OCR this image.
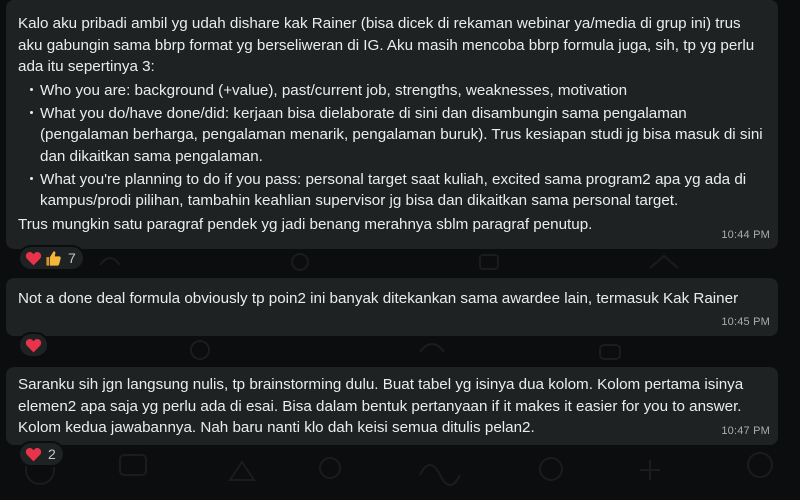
Kalo aku pribadi ambil yg udah dishare kak Rainer (bisa dicek di rekaman webinar ya/media di grup ini) trus aku gabungin sama bbrp format yg berseliweran di IG. Aku masih mencoba bbrp formula juga, sih, tp yg perlu ada itu sepertinya 3:

Who you are: background (+value), past/current job, strengths, weaknesses, motivation
What you do/have done/did: kerjaan bisa dielaborate di sini dan disambungin sama pengalaman (pengalaman berharga, pengalaman menarik, pengalaman buruk). Trus kesiapan studi jg bisa masuk di sini dan dikaitkan sama pengalaman.
What you're planning to do if you pass: personal target saat kuliah, excited sama program2 apa yg ada di kampus/prodi pilihan, tambahin keahlian supervisor jg bisa dan dikaitkan sama personal target.

Trus mungkin satu paragraf pendek yg jadi benang merahnya sblm paragraf penutup.

10:44 PM
7

Not a done deal formula obviously tp poin2 ini banyak ditekankan sama awardee lain, termasuk Kak Rainer

10:45 PM

Saranku sih jgn langsung nulis, tp brainstorming dulu. Buat tabel yg isinya dua kolom. Kolom pertama isinya elemen2 apa saja yg perlu ada di esai. Bisa dalam bentuk pertanyaan if it makes it easier for you to answer. Kolom kedua jawabannya. Nah baru nanti klo dah keisi semua ditulis pelan2.	10:47 PM
2
